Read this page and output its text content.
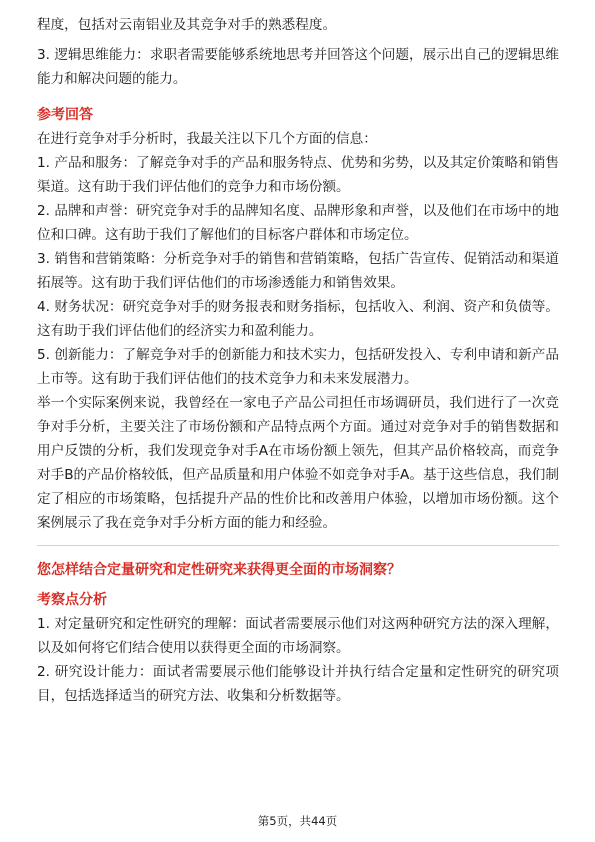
程度，包括对云南铝业及其竞争对手的熟悉程度。

3. 逻辑思维能力：求职者需要能够系统地思考并回答这个问题，展示出自己的逻辑思维能力和解决问题的能力。

参考回答

在进行竞争对手分析时，我最关注以下几个方面的信息：

1. 产品和服务：了解竞争对手的产品和服务特点、优势和劣势，以及其定价策略和销售渠道。这有助于我们评估他们的竞争力和市场份额。

2. 品牌和声誉：研究竞争对手的品牌知名度、品牌形象和声誉，以及他们在市场中的地位和口碑。这有助于我们了解他们的目标客户群体和市场定位。

3. 销售和营销策略：分析竞争对手的销售和营销策略，包括广告宣传、促销活动和渠道拓展等。这有助于我们评估他们的市场渗透能力和销售效果。

4. 财务状况：研究竞争对手的财务报表和财务指标，包括收入、利润、资产和负债等。这有助于我们评估他们的经济实力和盈利能力。

5. 创新能力：了解竞争对手的创新能力和技术实力，包括研发投入、专利申请和新产品上市等。这有助于我们评估他们的技术竞争力和未来发展潜力。

举一个实际案例来说，我曾经在一家电子产品公司担任市场调研员，我们进行了一次竞争对手分析，主要关注了市场份额和产品特点两个方面。通过对竞争对手的销售数据和用户反馈的分析，我们发现竞争对手A在市场份额上领先，但其产品价格较高，而竞争对手B的产品价格较低，但产品质量和用户体验不如竞争对手A。基于这些信息，我们制定了相应的市场策略，包括提升产品的性价比和改善用户体验，以增加市场份额。这个案例展示了我在竞争对手分析方面的能力和经验。

您怎样结合定量研究和定性研究来获得更全面的市场洞察？

考察点分析

1. 对定量研究和定性研究的理解：面试者需要展示他们对这两种研究方法的深入理解，以及如何将它们结合使用以获得更全面的市场洞察。

2. 研究设计能力：面试者需要展示他们能够设计并执行结合定量和定性研究的研究项目，包括选择适当的研究方法、收集和分析数据等。

第5页，共44页
